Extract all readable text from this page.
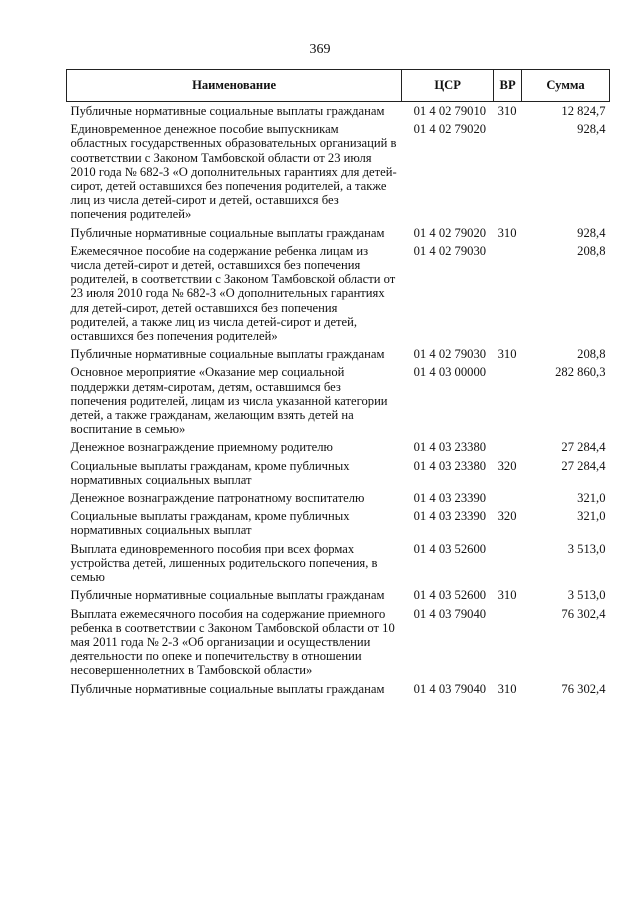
369
Наименование	ЦСР	ВР	Сумма
Публичные нормативные социальные выплаты гражданам	01 4 02 79010	310	12 824,7
Единовременное денежное пособие выпускникам областных государственных образовательных организаций в соответствии с Законом Тамбовской области от 23 июля 2010 года № 682-З «О дополнительных гарантиях для детей-сирот, детей оставшихся без попечения родителей, а также лиц из числа детей-сирот и детей, оставшихся без попечения родителей»	01 4 02 79020		928,4
Публичные нормативные социальные выплаты гражданам	01 4 02 79020	310	928,4
Ежемесячное пособие на содержание ребенка лицам из числа детей-сирот и детей, оставшихся без попечения родителей, в соответствии с Законом Тамбовской области от 23 июля 2010 года № 682-З «О дополнительных гарантиях для детей-сирот, детей оставшихся без попечения родителей, а также лиц из числа детей-сирот и детей, оставшихся без попечения родителей»	01 4 02 79030		208,8
Публичные нормативные социальные выплаты гражданам	01 4 02 79030	310	208,8
Основное мероприятие «Оказание мер социальной поддержки детям-сиротам, детям, оставшимся без попечения родителей, лицам из числа указанной категории детей, а также гражданам, желающим взять детей на воспитание в семью»	01 4 03 00000		282 860,3
Денежное вознаграждение приемному родителю	01 4 03 23380		27 284,4
Социальные выплаты гражданам, кроме публичных нормативных социальных выплат	01 4 03 23380	320	27 284,4
Денежное вознаграждение патронатному воспитателю	01 4 03 23390		321,0
Социальные выплаты гражданам, кроме публичных нормативных социальных выплат	01 4 03 23390	320	321,0
Выплата единовременного пособия при всех формах устройства детей, лишенных родительского попечения, в семью	01 4 03 52600		3 513,0
Публичные нормативные социальные выплаты гражданам	01 4 03 52600	310	3 513,0
Выплата ежемесячного пособия на содержание приемного ребенка в соответствии с Законом Тамбовской области от 10 мая 2011 года № 2-З «Об организации и осуществлении деятельности по опеке и попечительству в отношении несовершеннолетних в Тамбовской области»	01 4 03 79040		76 302,4
Публичные нормативные социальные выплаты гражданам	01 4 03 79040	310	76 302,4
